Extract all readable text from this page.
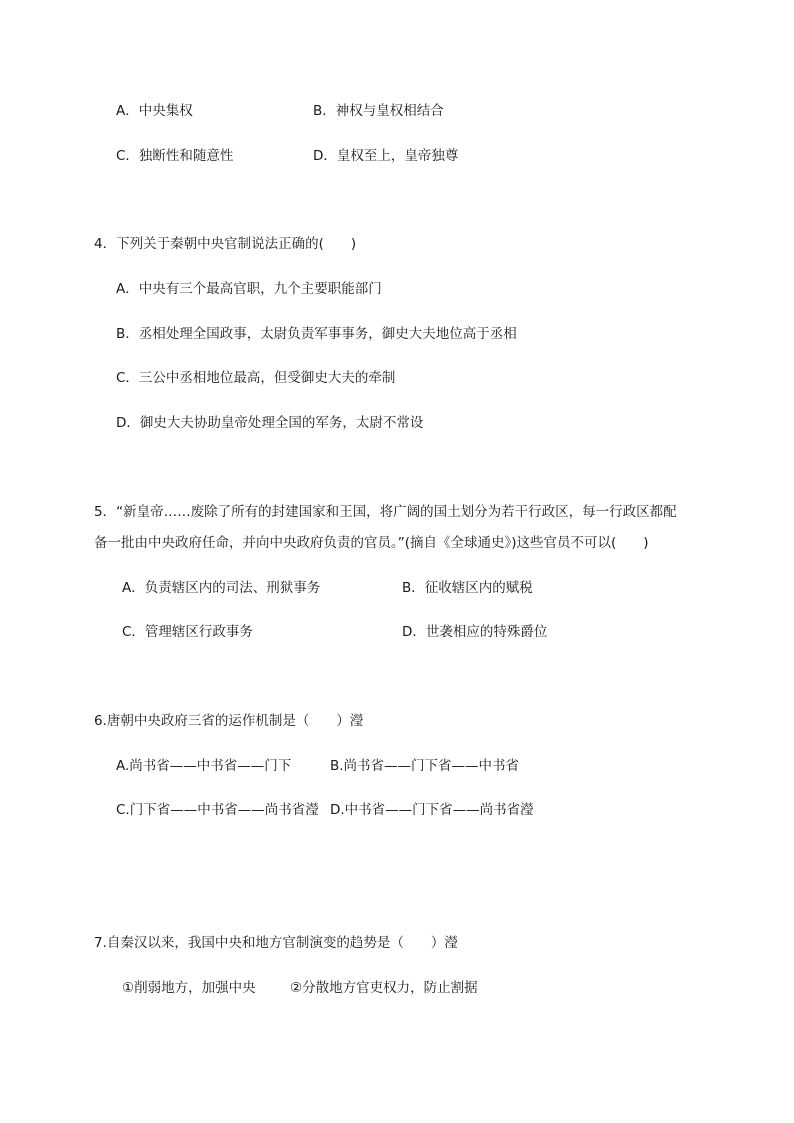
A．中央集权	B．神权与皇权相结合
C．独断性和随意性	D．皇权至上，皇帝独尊
4．下列关于秦朝中央官制说法正确的(　　)
A．中央有三个最高官职，九个主要职能部门
B．丞相处理全国政事，太尉负责军事事务，御史大夫地位高于丞相
C．三公中丞相地位最高，但受御史大夫的牵制
D．御史大夫协助皇帝处理全国的军务，太尉不常设
5．“新皇帝……废除了所有的封建国家和王国，将广阔的国土划分为若干行政区，每一行政区都配
备一批由中央政府任命，并向中央政府负责的官员。”(摘自《全球通史》)这些官员不可以(　　)
A．负责辖区内的司法、刑狱事务	B．征收辖区内的赋税
C．管理辖区行政事务	D．世袭相应的特殊爵位
6.唐朝中央政府三省的运作机制是（　　）瀅
A.尚书省——中书省——门下	B.尚书省——门下省——中书省
C.门下省——中书省——尚书省瀅 D.中书省——门下省——尚书省瀅
7.自秦汉以来，我国中央和地方官制演变的趋势是（　　）瀅
①削弱地方，加强中央	②分散地方官吏权力，防止割据
